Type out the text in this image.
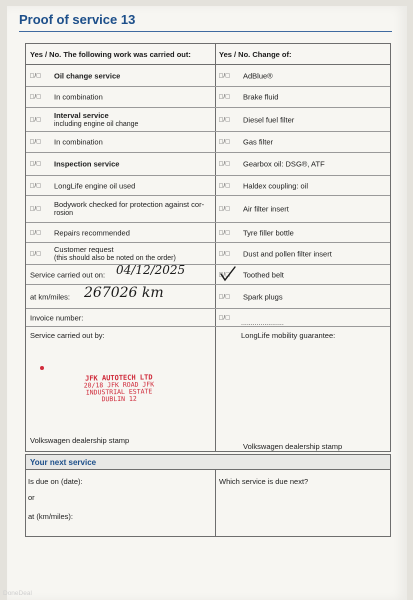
Proof of service 13
Yes / No. The following work was carried out:	Yes / No. Change of:
□/□ Oil change service
□/□ In combination
□/□ Interval service
including engine oil change
□/□ In combination
□/□ Inspection service
□/□ LongLife engine oil used
□/□ Bodywork checked for protection against cor-
rosion
□/□ Repairs recommended
□/□ Customer request
(this should also be noted on the order)
Service carried out on: 04/12/2025
at km/miles: 267026 km
Invoice number:
Service carried out by:
□/□ AdBlue®
□/□ Brake fluid
□/□ Diesel fuel filter
□/□ Gas filter
□/□ Gearbox oil: DSG®, ATF
□/□ Haldex coupling: oil
□/□ Air filter insert
□/□ Tyre filler bottle
□/□ Dust and pollen filter insert
□/□ Toothed belt
□/□ Spark plugs
□/□
......................
LongLife mobility guarantee:
JFK AUTOTECH LTD
20/18 JFK ROAD JFK
INDUSTRIAL ESTATE
DUBLIN 12
Volkswagen dealership stamp
Volkswagen dealership stamp
Your next service
Is due on (date):
or
at (km/miles):
Which service is due next?
DoneDeal
